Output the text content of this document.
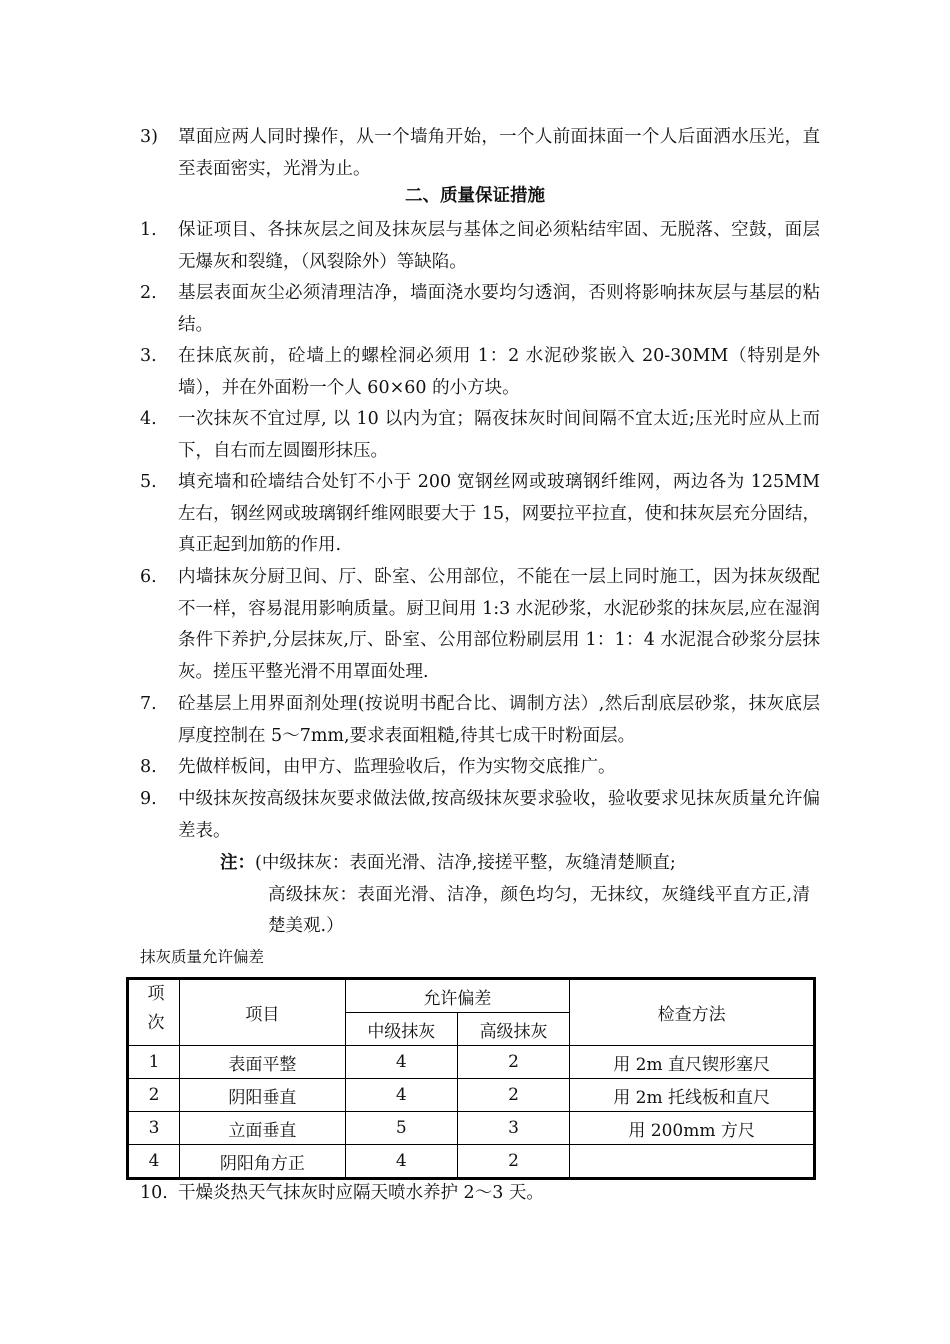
3) 罩面应两人同时操作，从一个墙角开始，一个人前面抹面一个人后面洒水压光，直至表面密实，光滑为止。
二、质量保证措施
1. 保证项目、各抹灰层之间及抹灰层与基体之间必须粘结牢固、无脱落、空鼓，面层无爆灰和裂缝，（风裂除外）等缺陷。
2. 基层表面灰尘必须清理洁净，墙面浇水要均匀透润，否则将影响抹灰层与基层的粘结。
3. 在抹底灰前，砼墙上的螺栓洞必须用 1：2 水泥砂浆嵌入 20-30MM（特别是外墙），并在外面粉一个人 60×60 的小方块。
4. 一次抹灰不宜过厚, 以 10 以内为宜；隔夜抹灰时间间隔不宜太近;压光时应从上而下，自右而左圆圈形抹压。
5. 填充墙和砼墙结合处钉不小于 200 宽钢丝网或玻璃钢纤维网，两边各为 125MM 左右，钢丝网或玻璃钢纤维网眼要大于 15，网要拉平拉直，使和抹灰层充分固结，真正起到加筋的作用.
6. 内墙抹灰分厨卫间、厅、卧室、公用部位，不能在一层上同时施工，因为抹灰级配不一样，容易混用影响质量。厨卫间用 1:3 水泥砂浆，水泥砂浆的抹灰层,应在湿润条件下养护,分层抹灰,厅、卧室、公用部位粉刷层用 1：1：4 水泥混合砂浆分层抹灰。搓压平整光滑不用罩面处理.
7. 砼基层上用界面剂处理(按说明书配合比、调制方法）,然后刮底层砂浆，抹灰底层厚度控制在 5～7mm,要求表面粗糙,待其七成干时粉面层。
8. 先做样板间，由甲方、监理验收后，作为实物交底推广。
9. 中级抹灰按高级抹灰要求做法做,按高级抹灰要求验收，验收要求见抹灰质量允许偏差表。
注：(中级抹灰：表面光滑、洁净,接搓平整，灰缝清楚顺直;
高级抹灰：表面光滑、洁净，颜色均匀，无抹纹，灰缝线平直方正,清楚美观.）
抹灰质量允许偏差
项次	项目	允许偏差		检查方法
		中级抹灰	高级抹灰	
1	表面平整	4	2	用 2m 直尺锲形塞尺
2	阴阳垂直	4	2	用 2m 托线板和直尺
3	立面垂直	5	3	用 200mm 方尺
4	阴阳角方正	4	2	
10. 干燥炎热天气抹灰时应隔天喷水养护 2～3 天。
